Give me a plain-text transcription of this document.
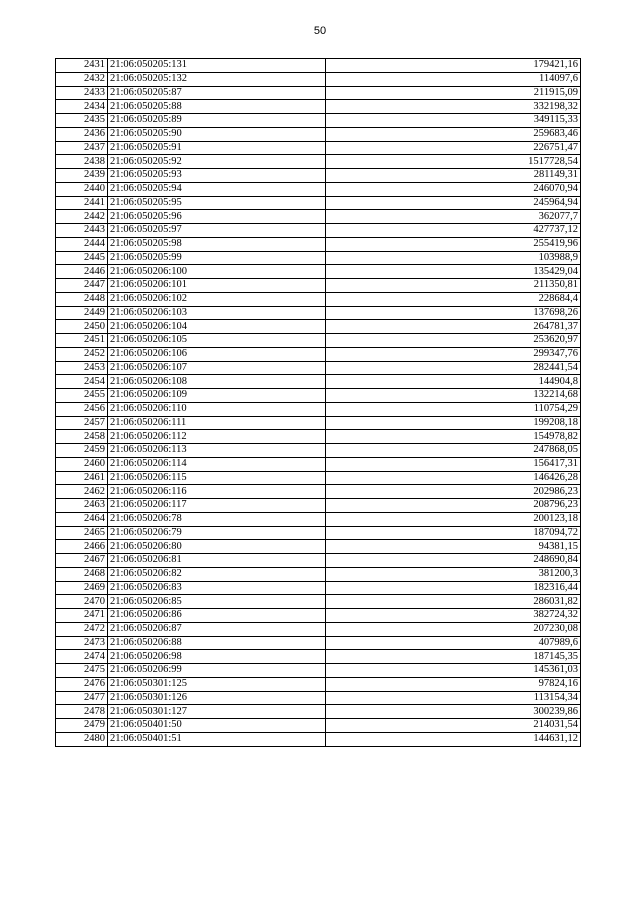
50
2431	21:06:050205:131	179421,16
2432	21:06:050205:132	114097,6
2433	21:06:050205:87	211915,09
2434	21:06:050205:88	332198,32
2435	21:06:050205:89	349115,33
2436	21:06:050205:90	259683,46
2437	21:06:050205:91	226751,47
2438	21:06:050205:92	1517728,54
2439	21:06:050205:93	281149,31
2440	21:06:050205:94	246070,94
2441	21:06:050205:95	245964,94
2442	21:06:050205:96	362077,7
2443	21:06:050205:97	427737,12
2444	21:06:050205:98	255419,96
2445	21:06:050205:99	103988,9
2446	21:06:050206:100	135429,04
2447	21:06:050206:101	211350,81
2448	21:06:050206:102	228684,4
2449	21:06:050206:103	137698,26
2450	21:06:050206:104	264781,37
2451	21:06:050206:105	253620,97
2452	21:06:050206:106	299347,76
2453	21:06:050206:107	282441,54
2454	21:06:050206:108	144904,8
2455	21:06:050206:109	132214,68
2456	21:06:050206:110	110754,29
2457	21:06:050206:111	199208,18
2458	21:06:050206:112	154978,82
2459	21:06:050206:113	247868,05
2460	21:06:050206:114	156417,31
2461	21:06:050206:115	146426,28
2462	21:06:050206:116	202986,23
2463	21:06:050206:117	208796,23
2464	21:06:050206:78	200123,18
2465	21:06:050206:79	187094,72
2466	21:06:050206:80	94381,15
2467	21:06:050206:81	248690,84
2468	21:06:050206:82	381200,3
2469	21:06:050206:83	182316,44
2470	21:06:050206:85	286031,82
2471	21:06:050206:86	382724,32
2472	21:06:050206:87	207230,08
2473	21:06:050206:88	407989,6
2474	21:06:050206:98	187145,35
2475	21:06:050206:99	145361,03
2476	21:06:050301:125	97824,16
2477	21:06:050301:126	113154,34
2478	21:06:050301:127	300239,86
2479	21:06:050401:50	214031,54
2480	21:06:050401:51	144631,12
